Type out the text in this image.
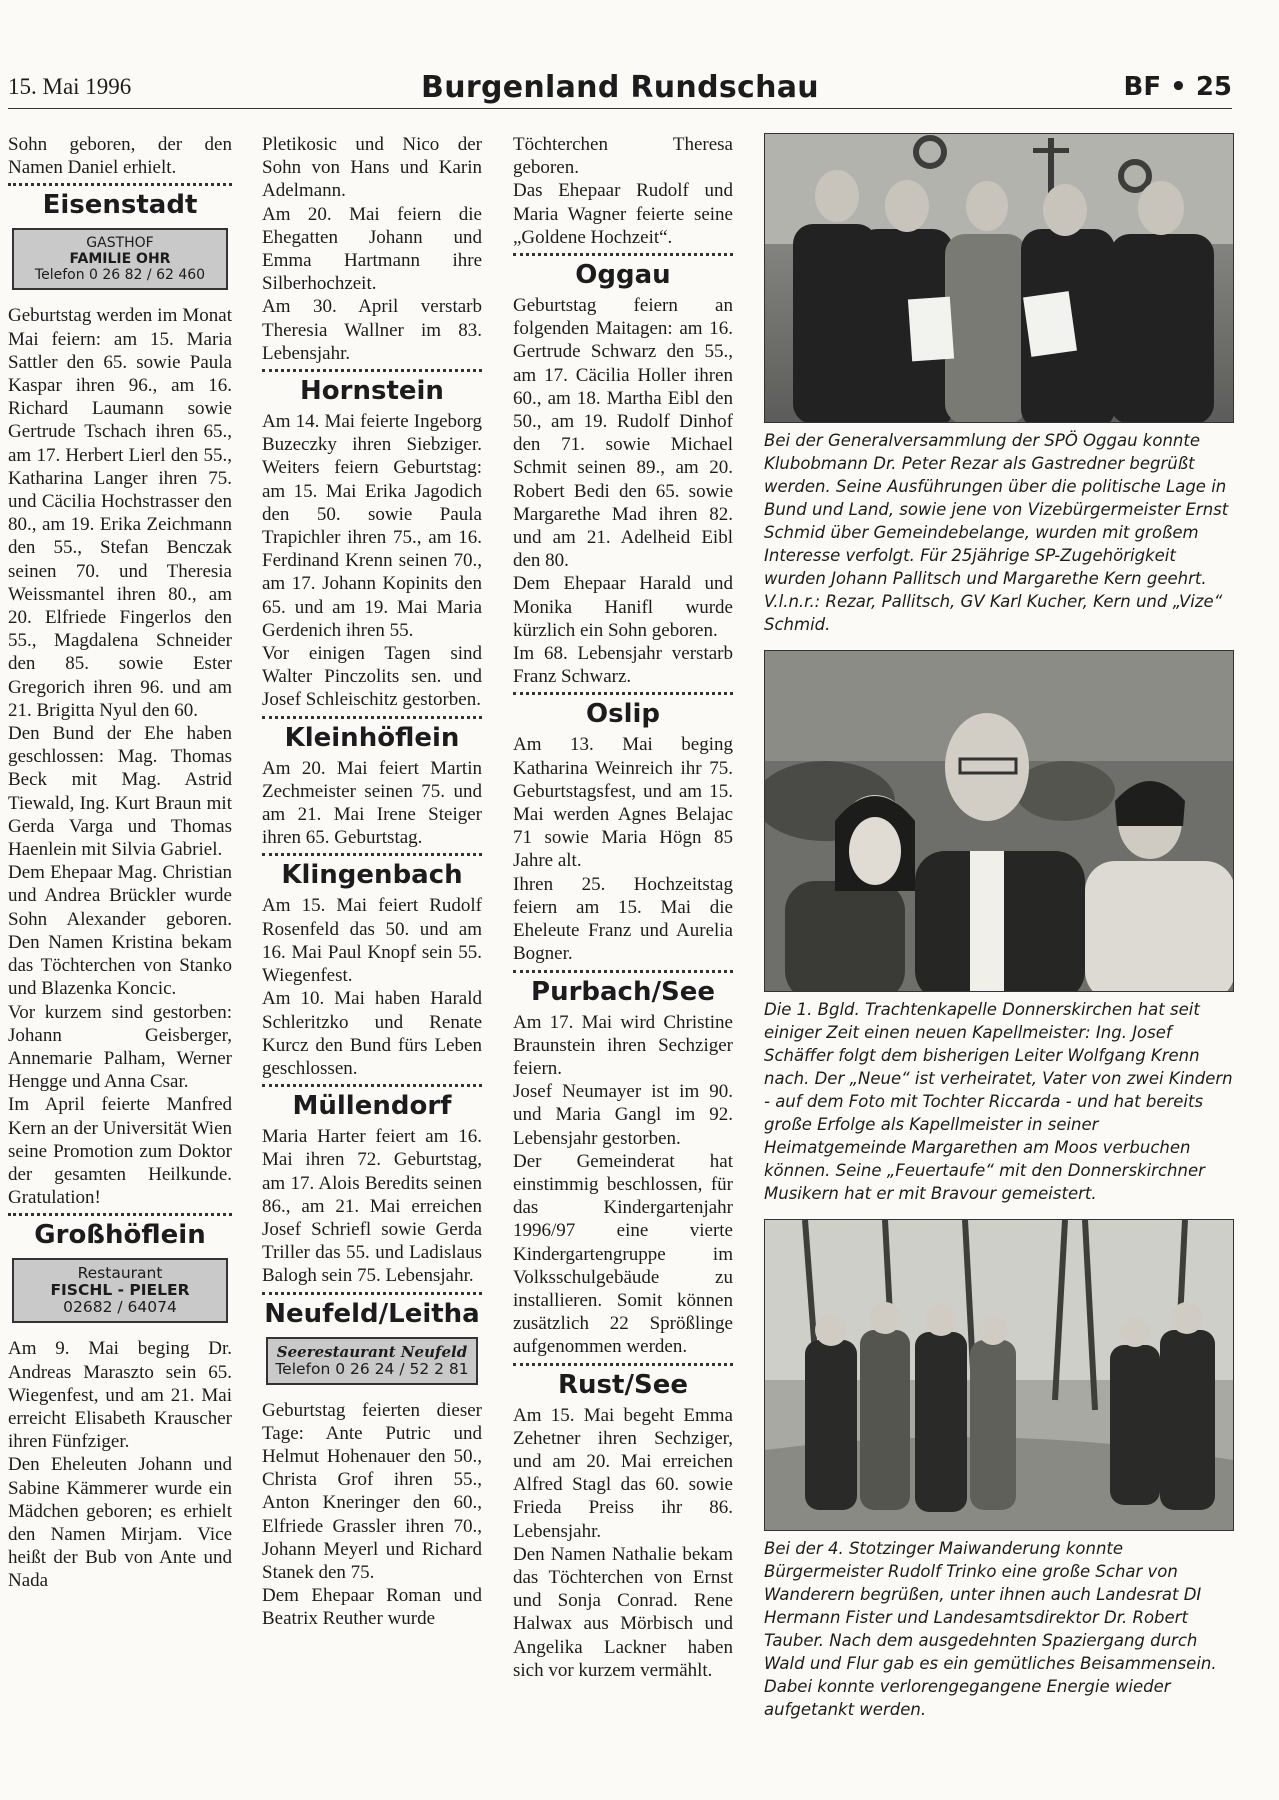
15. Mai 1996	Burgenland Rundschau	BF • 25

Sohn geboren, der den Namen Daniel erhielt.

Eisenstadt
GASTHOF
FAMILIE OHR
Telefon 0 26 82 / 62 460

Geburtstag werden im Monat Mai feiern: am 15. Maria Sattler den 65. sowie Paula Kaspar ihren 96., am 16. Richard Laumann sowie Gertrude Tschach ihren 65., am 17. Herbert Lierl den 55., Katharina Langer ihren 75. und Cäcilia Hochstrasser den 80., am 19. Erika Zeichmann den 55., Stefan Benczak seinen 70. und Theresia Weissmantel ihren 80., am 20. Elfriede Fingerlos den 55., Magdalena Schneider den 85. sowie Ester Gregorich ihren 96. und am 21. Brigitta Nyul den 60.

Den Bund der Ehe haben geschlossen: Mag. Thomas Beck mit Mag. Astrid Tiewald, Ing. Kurt Braun mit Gerda Varga und Thomas Haenlein mit Silvia Gabriel.

Dem Ehepaar Mag. Christian und Andrea Brückler wurde Sohn Alexander geboren. Den Namen Kristina bekam das Töchterchen von Stanko und Blazenka Koncic.

Vor kurzem sind gestorben: Johann Geisberger, Annemarie Palham, Werner Hengge und Anna Csar.

Im April feierte Manfred Kern an der Universität Wien seine Promotion zum Doktor der gesamten Heilkunde. Gratulation!

Großhöflein
Restaurant
FISCHL - PIELER
02682 / 64074

Am 9. Mai beging Dr. Andreas Maraszto sein 65. Wiegenfest, und am 21. Mai erreicht Elisabeth Krauscher ihren Fünfziger.

Den Eheleuten Johann und Sabine Kämmerer wurde ein Mädchen geboren; es erhielt den Namen Mirjam. Vice heißt der Bub von Ante und Nada

Pletikosic und Nico der Sohn von Hans und Karin Adelmann.

Am 20. Mai feiern die Ehegatten Johann und Emma Hartmann ihre Silberhochzeit.

Am 30. April verstarb Theresia Wallner im 83. Lebensjahr.

Hornstein

Am 14. Mai feierte Ingeborg Buzeczky ihren Siebziger. Weiters feiern Geburtstag: am 15. Mai Erika Jagodich den 50. sowie Paula Trapichler ihren 75., am 16. Ferdinand Krenn seinen 70., am 17. Johann Kopinits den 65. und am 19. Mai Maria Gerdenich ihren 55.

Vor einigen Tagen sind Walter Pinczolits sen. und Josef Schleischitz gestorben.

Kleinhöflein

Am 20. Mai feiert Martin Zechmeister seinen 75. und am 21. Mai Irene Steiger ihren 65. Geburtstag.

Klingenbach

Am 15. Mai feiert Rudolf Rosenfeld das 50. und am 16. Mai Paul Knopf sein 55. Wiegenfest.

Am 10. Mai haben Harald Schleritzko und Renate Kurcz den Bund fürs Leben geschlossen.

Müllendorf

Maria Harter feiert am 16. Mai ihren 72. Geburtstag, am 17. Alois Beredits seinen 86., am 21. Mai erreichen Josef Schriefl sowie Gerda Triller das 55. und Ladislaus Balogh sein 75. Lebensjahr.

Neufeld/Leitha
Seerestaurant Neufeld
Telefon 0 26 24 / 52 2 81

Geburtstag feierten dieser Tage: Ante Putric und Helmut Hohenauer den 50., Christa Grof ihren 55., Anton Kneringer den 60., Elfriede Grassler ihren 70., Johann Meyerl und Richard Stanek den 75.

Dem Ehepaar Roman und Beatrix Reuther wurde

Töchterchen Theresa geboren.

Das Ehepaar Rudolf und Maria Wagner feierte seine „Goldene Hochzeit“.

Oggau

Geburtstag feiern an folgenden Maitagen: am 16. Gertrude Schwarz den 55., am 17. Cäcilia Holler ihren 60., am 18. Martha Eibl den 50., am 19. Rudolf Dinhof den 71. sowie Michael Schmit seinen 89., am 20. Robert Bedi den 65. sowie Margarethe Mad ihren 82. und am 21. Adelheid Eibl den 80.

Dem Ehepaar Harald und Monika Hanifl wurde kürzlich ein Sohn geboren.

Im 68. Lebensjahr verstarb Franz Schwarz.

Oslip

Am 13. Mai beging Katharina Weinreich ihr 75. Geburtstagsfest, und am 15. Mai werden Agnes Belajac 71 sowie Maria Högn 85 Jahre alt.

Ihren 25. Hochzeitstag feiern am 15. Mai die Eheleute Franz und Aurelia Bogner.

Purbach/See

Am 17. Mai wird Christine Braunstein ihren Sechziger feiern.

Josef Neumayer ist im 90. und Maria Gangl im 92. Lebensjahr gestorben.

Der Gemeinderat hat einstimmig beschlossen, für das Kindergartenjahr 1996/97 eine vierte Kindergartengruppe im Volksschulgebäude zu installieren. Somit können zusätzlich 22 Sprößlinge aufgenommen werden.

Rust/See

Am 15. Mai begeht Emma Zehetner ihren Sechziger, und am 20. Mai erreichen Alfred Stagl das 60. sowie Frieda Preiss ihr 86. Lebensjahr.

Den Namen Nathalie bekam das Töchterchen von Ernst und Sonja Conrad. Rene Halwax aus Mörbisch und Angelika Lackner haben sich vor kurzem vermählt.

Bei der Generalversammlung der SPÖ Oggau konnte Klubobmann Dr. Peter Rezar als Gastredner begrüßt werden. Seine Ausführungen über die politische Lage in Bund und Land, sowie jene von Vizebürgermeister Ernst Schmid über Gemeindebelange, wurden mit großem Interesse verfolgt. Für 25jährige SP-Zugehörigkeit wurden Johann Pallitsch und Margarethe Kern geehrt. V.l.n.r.: Rezar, Pallitsch, GV Karl Kucher, Kern und „Vize“ Schmid.

Die 1. Bgld. Trachtenkapelle Donnerskirchen hat seit einiger Zeit einen neuen Kapellmeister: Ing. Josef Schäffer folgt dem bisherigen Leiter Wolfgang Krenn nach. Der „Neue“ ist verheiratet, Vater von zwei Kindern - auf dem Foto mit Tochter Riccarda - und hat bereits große Erfolge als Kapellmeister in seiner Heimatgemeinde Margarethen am Moos verbuchen können. Seine „Feuertaufe“ mit den Donnerskirchner Musikern hat er mit Bravour gemeistert.

Bei der 4. Stotzinger Maiwanderung konnte Bürgermeister Rudolf Trinko eine große Schar von Wanderern begrüßen, unter ihnen auch Landesrat DI Hermann Fister und Landesamtsdirektor Dr. Robert Tauber. Nach dem ausgedehnten Spaziergang durch Wald und Flur gab es ein gemütliches Beisammensein. Dabei konnte verlorengegangene Energie wieder aufgetankt werden.
